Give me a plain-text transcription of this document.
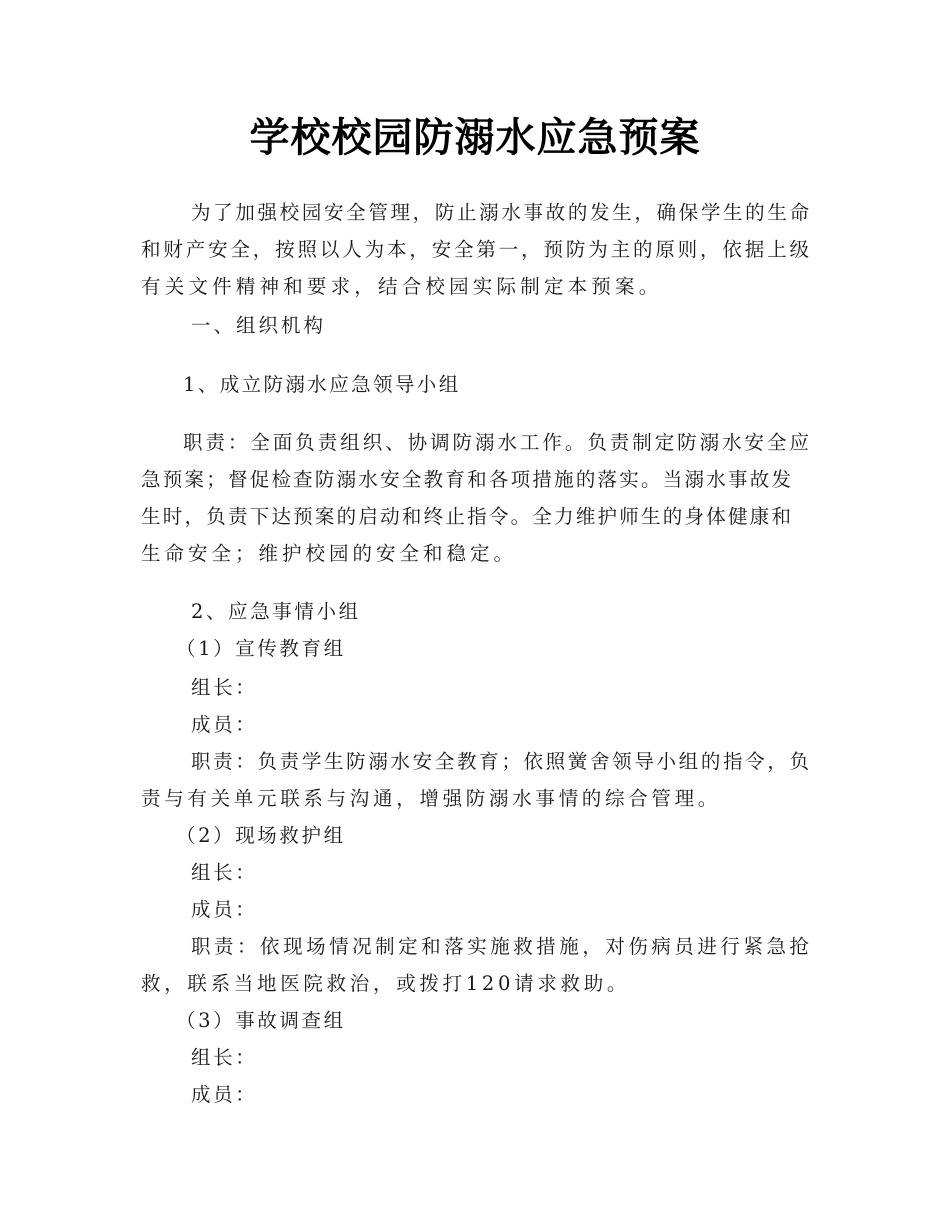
学校校园防溺水应急预案
为了加强校园安全管理，防止溺水事故的发生，确保学生的生命
和财产安全，按照以人为本，安全第一，预防为主的原则，依据上级
有关文件精神和要求，结合校园实际制定本预案。
一、组织机构
1、成立防溺水应急领导小组
职责：全面负责组织、协调防溺水工作。负责制定防溺水安全应
急预案；督促检查防溺水安全教育和各项措施的落实。当溺水事故发
生时，负责下达预案的启动和终止指令。全力维护师生的身体健康和
生命安全；维护校园的安全和稳定。
2、应急事情小组
（1）宣传教育组
组长：
成员：
职责：负责学生防溺水安全教育；依照黉舍领导小组的指令，负
责与有关单元联系与沟通，增强防溺水事情的综合管理。
（2）现场救护组
组长：
成员：
职责：依现场情况制定和落实施救措施，对伤病员进行紧急抢
救，联系当地医院救治，或拨打120请求救助。
（3）事故调查组
组长：
成员：
